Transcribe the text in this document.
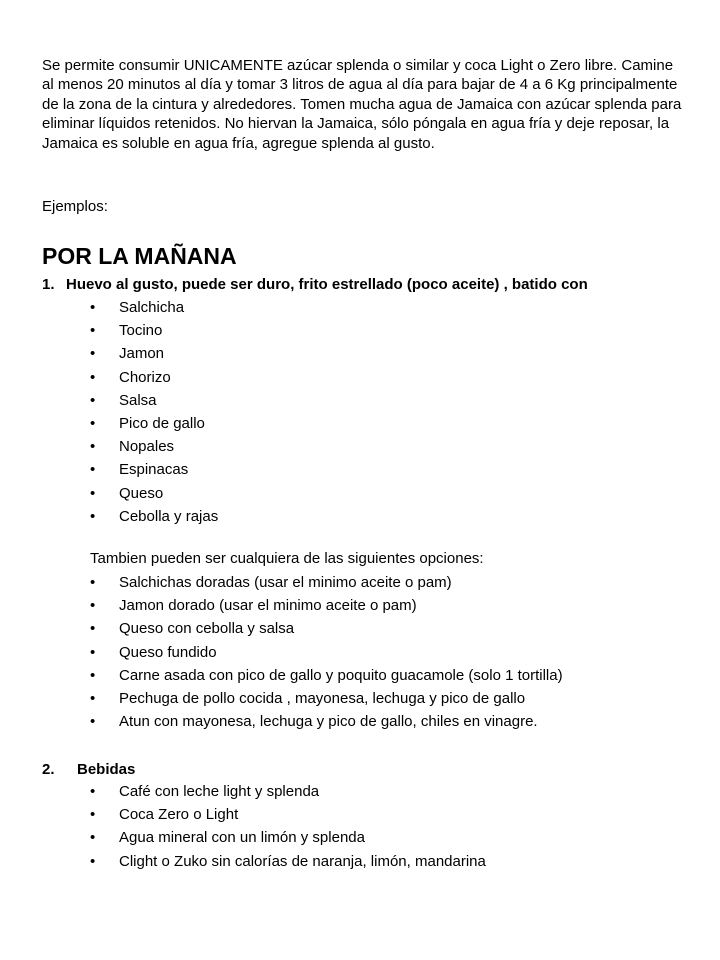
Se permite consumir UNICAMENTE azúcar splenda o similar y coca Light o Zero libre. Camine al menos 20 minutos al día y tomar 3 litros de agua al día para bajar de 4 a 6 Kg principalmente de la zona de la cintura y alrededores. Tomen mucha agua de Jamaica con azúcar splenda para eliminar líquidos retenidos. No hiervan la Jamaica, sólo póngala en agua fría y deje reposar, la Jamaica es soluble en agua fría, agregue splenda al gusto.

Ejemplos:
POR LA MAÑANA
1. Huevo al gusto, puede ser duro, frito estrellado (poco aceite) , batido con
• Salchicha
• Tocino
• Jamon
• Chorizo
• Salsa
• Pico de gallo
• Nopales
• Espinacas
• Queso
• Cebolla y rajas
Tambien pueden ser cualquiera de las siguientes opciones:
• Salchichas doradas (usar el minimo aceite o pam)
• Jamon dorado (usar el minimo aceite o pam)
• Queso con cebolla y salsa
• Queso fundido
• Carne asada con pico de gallo y poquito guacamole (solo 1 tortilla)
• Pechuga de pollo cocida , mayonesa, lechuga y pico de gallo
• Atun con mayonesa, lechuga y pico de gallo, chiles en vinagre.
2. Bebidas
• Café con leche light y splenda
• Coca Zero o Light
• Agua mineral con un limón y splenda
• Clight o Zuko sin calorías de naranja, limón, mandarina
